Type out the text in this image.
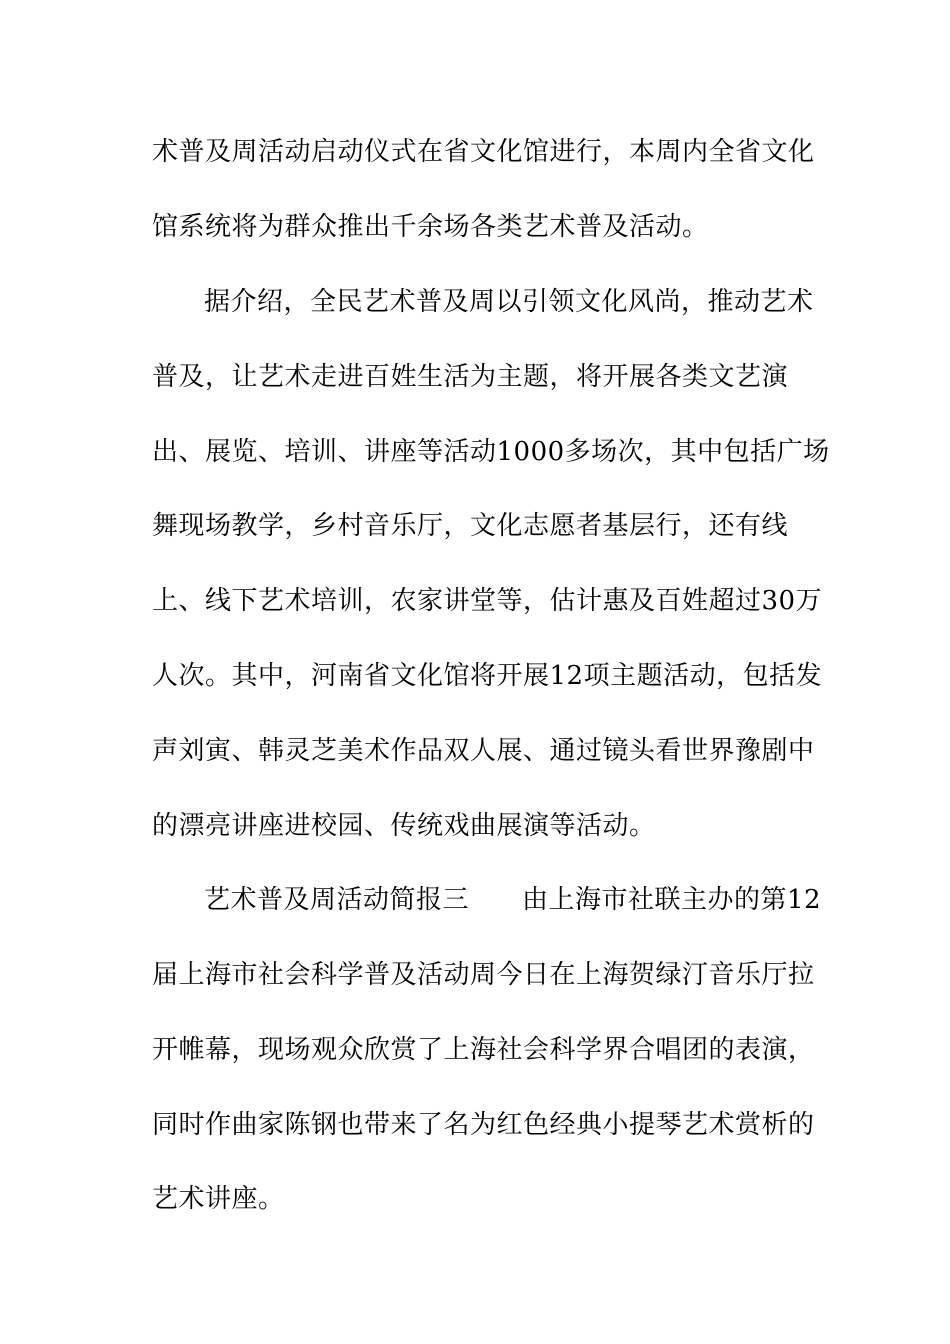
术普及周活动启动仪式在省文化馆进行，本周内全省文化
馆系统将为群众推出千余场各类艺术普及活动。
据介绍，全民艺术普及周以引领文化风尚，推动艺术
普及，让艺术走进百姓生活为主题，将开展各类文艺演
出、展览、培训、讲座等活动1000多场次，其中包括广场
舞现场教学，乡村音乐厅，文化志愿者基层行，还有线
上、线下艺术培训，农家讲堂等，估计惠及百姓超过30万
人次。其中，河南省文化馆将开展12项主题活动，包括发
声刘寅、韩灵芝美术作品双人展、通过镜头看世界豫剧中
的漂亮讲座进校园、传统戏曲展演等活动。
艺术普及周活动简报三　　由上海市社联主办的第12
届上海市社会科学普及活动周今日在上海贺绿汀音乐厅拉
开帷幕，现场观众欣赏了上海社会科学界合唱团的表演，
同时作曲家陈钢也带来了名为红色经典小提琴艺术赏析的
艺术讲座。
